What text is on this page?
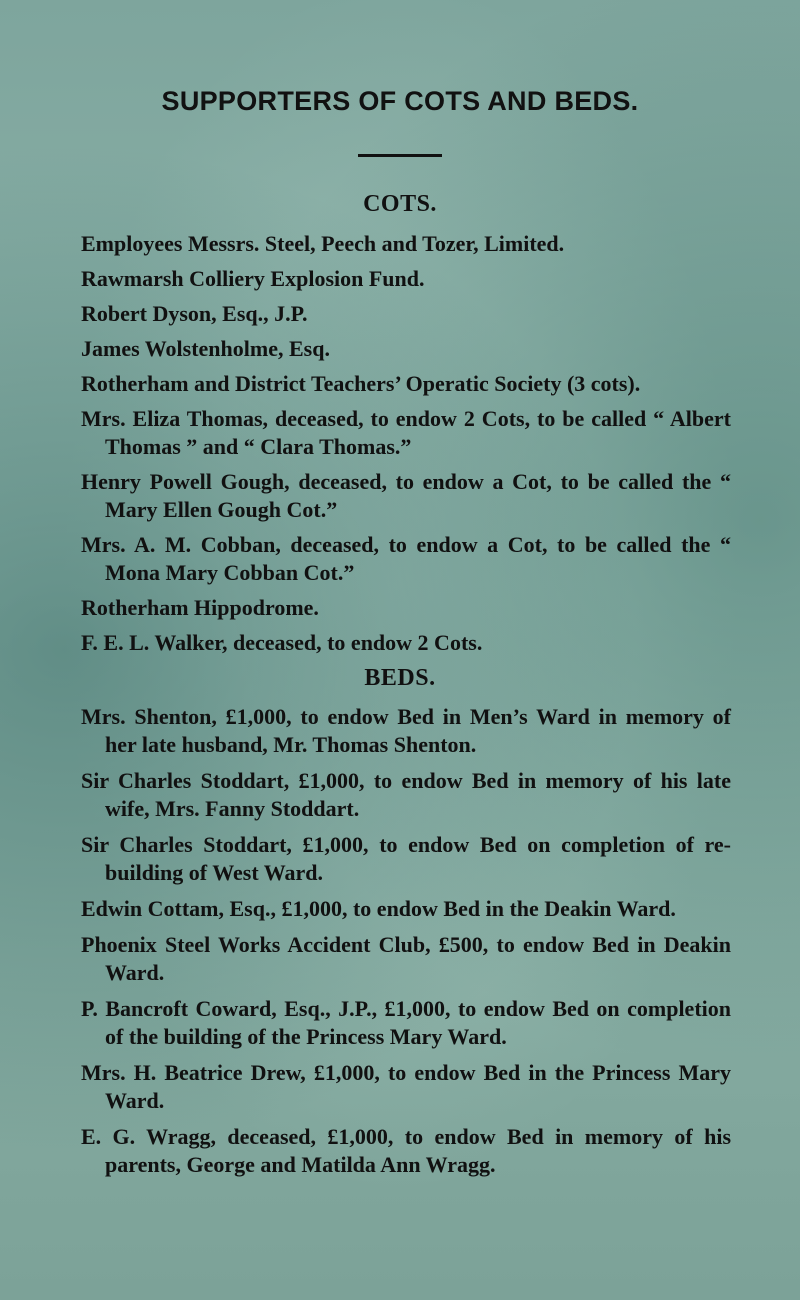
SUPPORTERS OF COTS AND BEDS.
COTS.
Employees Messrs. Steel, Peech and Tozer, Limited.
Rawmarsh Colliery Explosion Fund.
Robert Dyson, Esq., J.P.
James Wolstenholme, Esq.
Rotherham and District Teachers’ Operatic Society (3 cots).
Mrs. Eliza Thomas, deceased, to endow 2 Cots, to be called “ Albert Thomas ” and “ Clara Thomas.”
Henry Powell Gough, deceased, to endow a Cot, to be called the “ Mary Ellen Gough Cot.”
Mrs. A. M. Cobban, deceased, to endow a Cot, to be called the “ Mona Mary Cobban Cot.”
Rotherham Hippodrome.
F. E. L. Walker, deceased, to endow 2 Cots.
BEDS.
Mrs. Shenton, £1,000, to endow Bed in Men’s Ward in memory of her late husband, Mr. Thomas Shenton.
Sir Charles Stoddart, £1,000, to endow Bed in memory of his late wife, Mrs. Fanny Stoddart.
Sir Charles Stoddart, £1,000, to endow Bed on completion of re-building of West Ward.
Edwin Cottam, Esq., £1,000, to endow Bed in the Deakin Ward.
Phoenix Steel Works Accident Club, £500, to endow Bed in Deakin Ward.
P. Bancroft Coward, Esq., J.P., £1,000, to endow Bed on completion of the building of the Princess Mary Ward.
Mrs. H. Beatrice Drew, £1,000, to endow Bed in the Princess Mary Ward.
E. G. Wragg, deceased, £1,000, to endow Bed in memory of his parents, George and Matilda Ann Wragg.
